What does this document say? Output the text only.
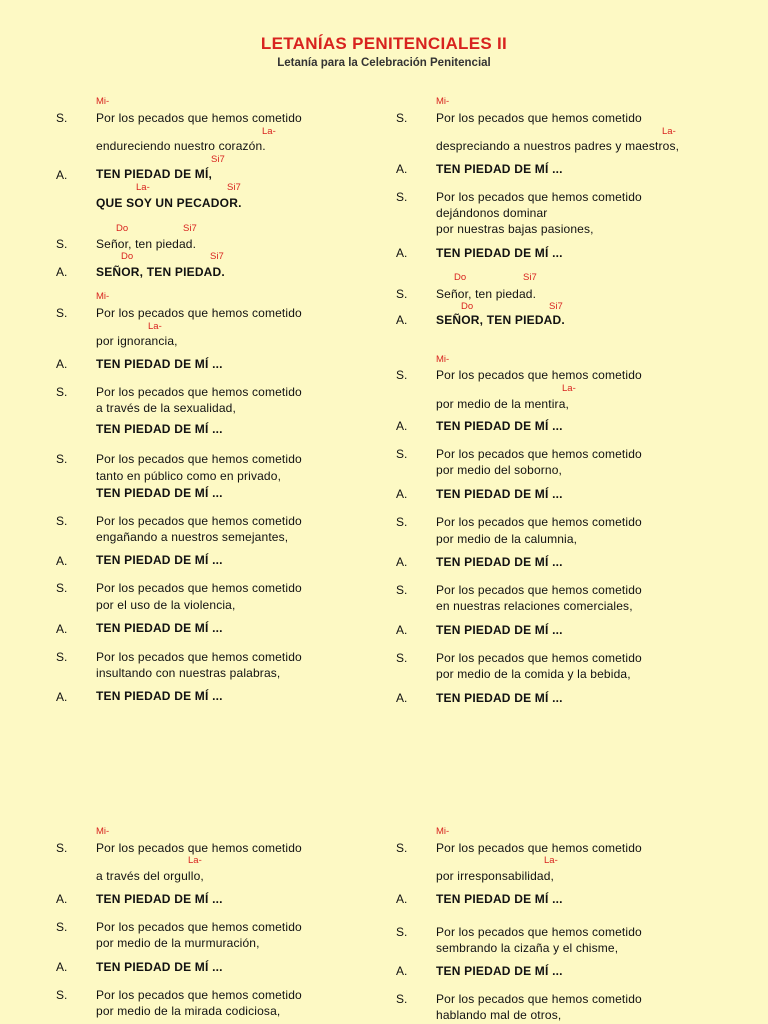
LETANÍAS PENITENCIALES II
Letanía para la Celebración Penitencial
Mi-
S. Por los pecados que hemos cometido
La-
endureciendo nuestro corazón.
Si7
A. TEN PIEDAD DE MÍ,
La-	Si7
QUE SOY UN PECADOR.
Do	Si7
S. Señor, ten piedad.
Do	Si7
A. SEÑOR, TEN PIEDAD.
Mi-
S. Por los pecados que hemos cometido
La-
por ignorancia,
A. TEN PIEDAD DE MÍ ...
S. Por los pecados que hemos cometido
a través de la sexualidad,
TEN PIEDAD DE MÍ ...
S. Por los pecados que hemos cometido
tanto en público como en privado,
TEN PIEDAD DE MÍ ...
S. Por los pecados que hemos cometido
engañando a nuestros semejantes,
A. TEN PIEDAD DE MÍ ...
S. Por los pecados que hemos cometido
por el uso de la violencia,
A. TEN PIEDAD DE MÍ ...
S. Por los pecados que hemos cometido
insultando con nuestras palabras,
A. TEN PIEDAD DE MÍ ...
Mi-
S. Por los pecados que hemos cometido
La-
despreciando a nuestros padres y maestros,
A. TEN PIEDAD DE MÍ ...
S. Por los pecados que hemos cometido
dejándonos dominar
por nuestras bajas pasiones,
A. TEN PIEDAD DE MÍ ...
Do	Si7
S. Señor, ten piedad.
Do	Si7
A. SEÑOR, TEN PIEDAD.
Mi-
S. Por los pecados que hemos cometido
La-
por medio de la mentira,
A. TEN PIEDAD DE MÍ ...
S. Por los pecados que hemos cometido
por medio del soborno,
A. TEN PIEDAD DE MÍ ...
S. Por los pecados que hemos cometido
por medio de la calumnia,
A. TEN PIEDAD DE MÍ ...
S. Por los pecados que hemos cometido
en nuestras relaciones comerciales,
A. TEN PIEDAD DE MÍ ...
S. Por los pecados que hemos cometido
por medio de la comida y la bebida,
A. TEN PIEDAD DE MÍ ...
Mi-
S. Por los pecados que hemos cometido
La-
a través del orgullo,
A. TEN PIEDAD DE MÍ ...
S. Por los pecados que hemos cometido
por medio de la murmuración,
A. TEN PIEDAD DE MÍ ...
S. Por los pecados que hemos cometido
por medio de la mirada codiciosa,
Mi-
S. Por los pecados que hemos cometido
La-
por irresponsabilidad,
A. TEN PIEDAD DE MÍ ...
S. Por los pecados que hemos cometido
sembrando la cizaña y el chisme,
A. TEN PIEDAD DE MÍ ...
S. Por los pecados que hemos cometido
hablando mal de otros,
